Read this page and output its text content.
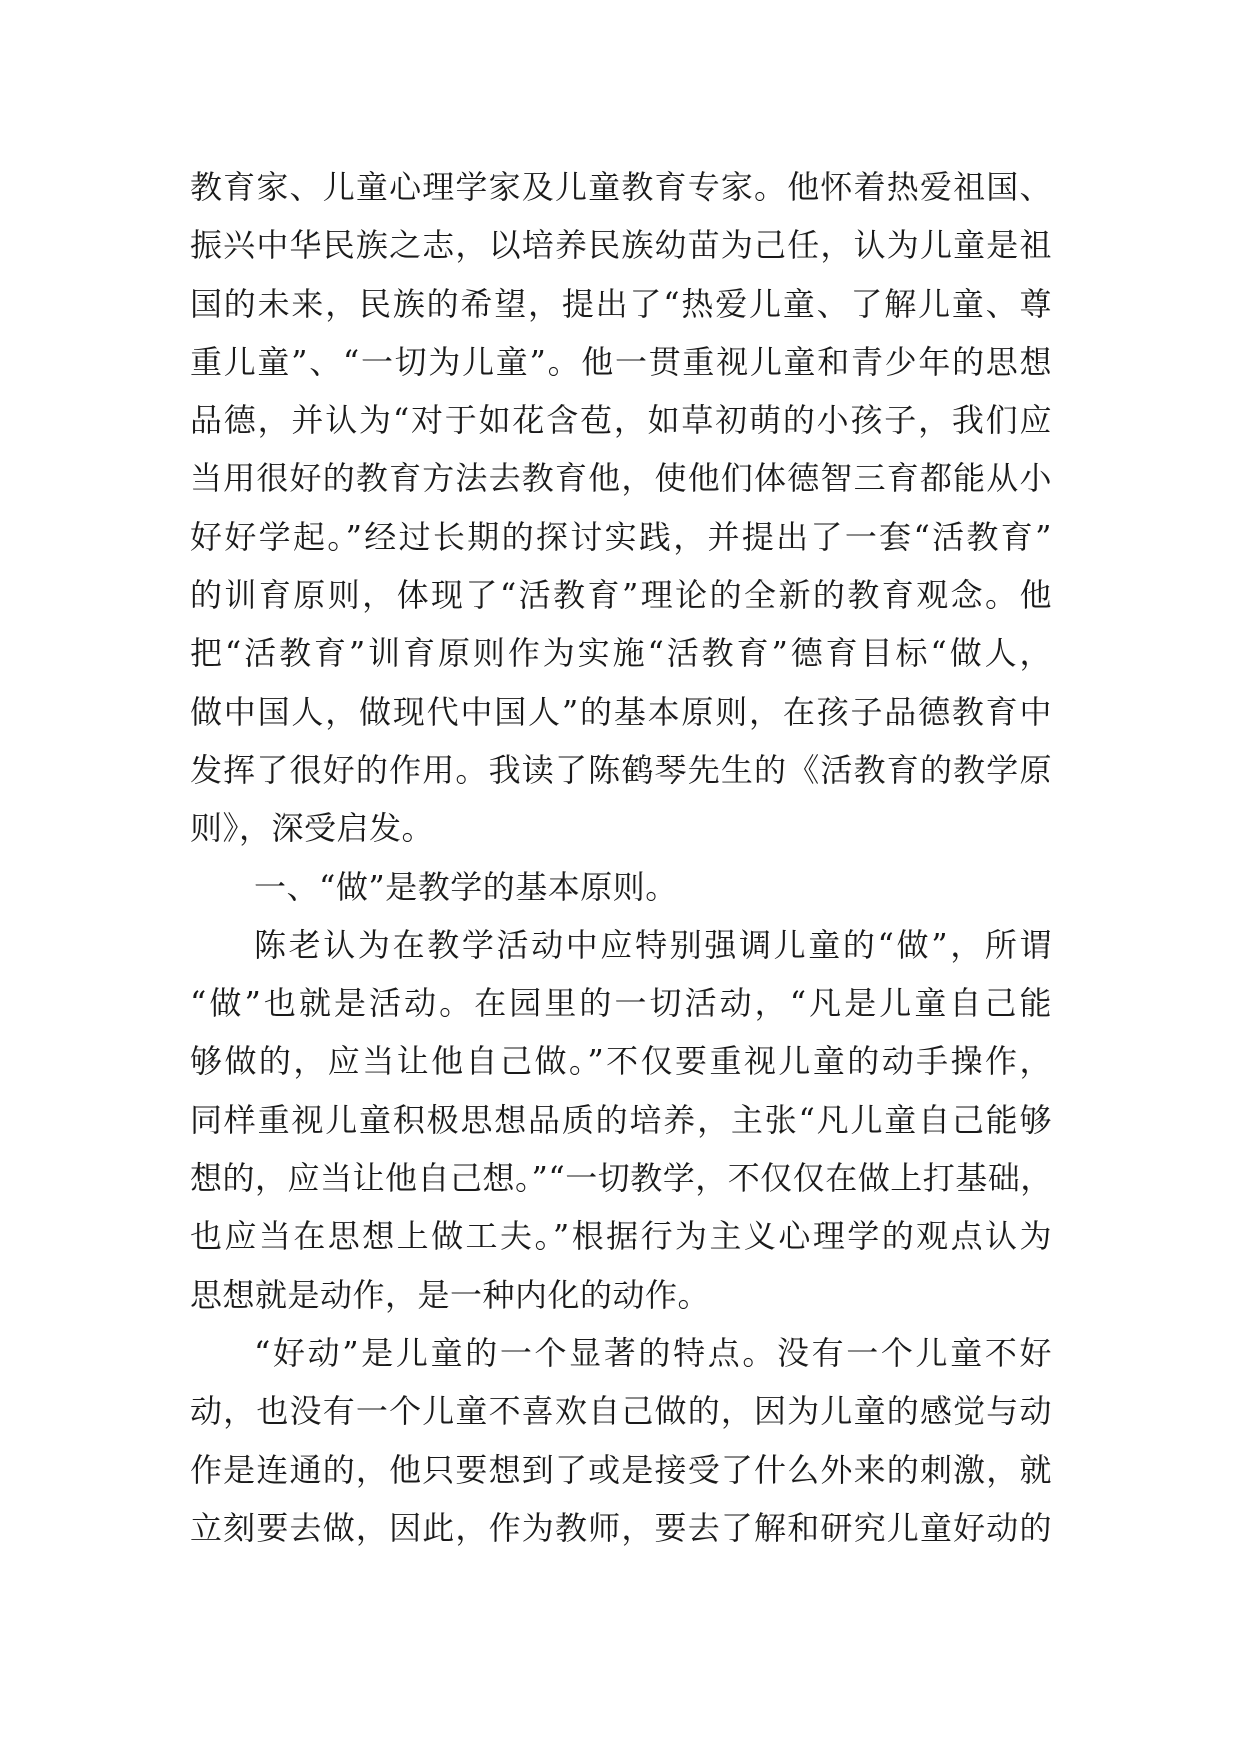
教育家、儿童心理学家及儿童教育专家。他怀着热爱祖国、
振兴中华民族之志，以培养民族幼苗为己任，认为儿童是祖
国的未来，民族的希望，提出了“热爱儿童、了解儿童、尊
重儿童”、“一切为儿童”。他一贯重视儿童和青少年的思想
品德，并认为“对于如花含苞，如草初萌的小孩子，我们应
当用很好的教育方法去教育他，使他们体德智三育都能从小
好好学起。”经过长期的探讨实践，并提出了一套“活教育”
的训育原则，体现了“活教育”理论的全新的教育观念。他
把“活教育”训育原则作为实施“活教育”德育目标“做人，
做中国人，做现代中国人”的基本原则，在孩子品德教育中
发挥了很好的作用。我读了陈鹤琴先生的《活教育的教学原
则》，深受启发。
一、“做”是教学的基本原则。
陈老认为在教学活动中应特别强调儿童的“做”，所谓
“做”也就是活动。在园里的一切活动，“凡是儿童自己能
够做的，应当让他自己做。”不仅要重视儿童的动手操作，
同样重视儿童积极思想品质的培养，主张“凡儿童自己能够
想的，应当让他自己想。”“一切教学，不仅仅在做上打基础，
也应当在思想上做工夫。”根据行为主义心理学的观点认为
思想就是动作，是一种内化的动作。
“好动”是儿童的一个显著的特点。没有一个儿童不好
动，也没有一个儿童不喜欢自己做的，因为儿童的感觉与动
作是连通的，他只要想到了或是接受了什么外来的刺激，就
立刻要去做，因此，作为教师，要去了解和研究儿童好动的
